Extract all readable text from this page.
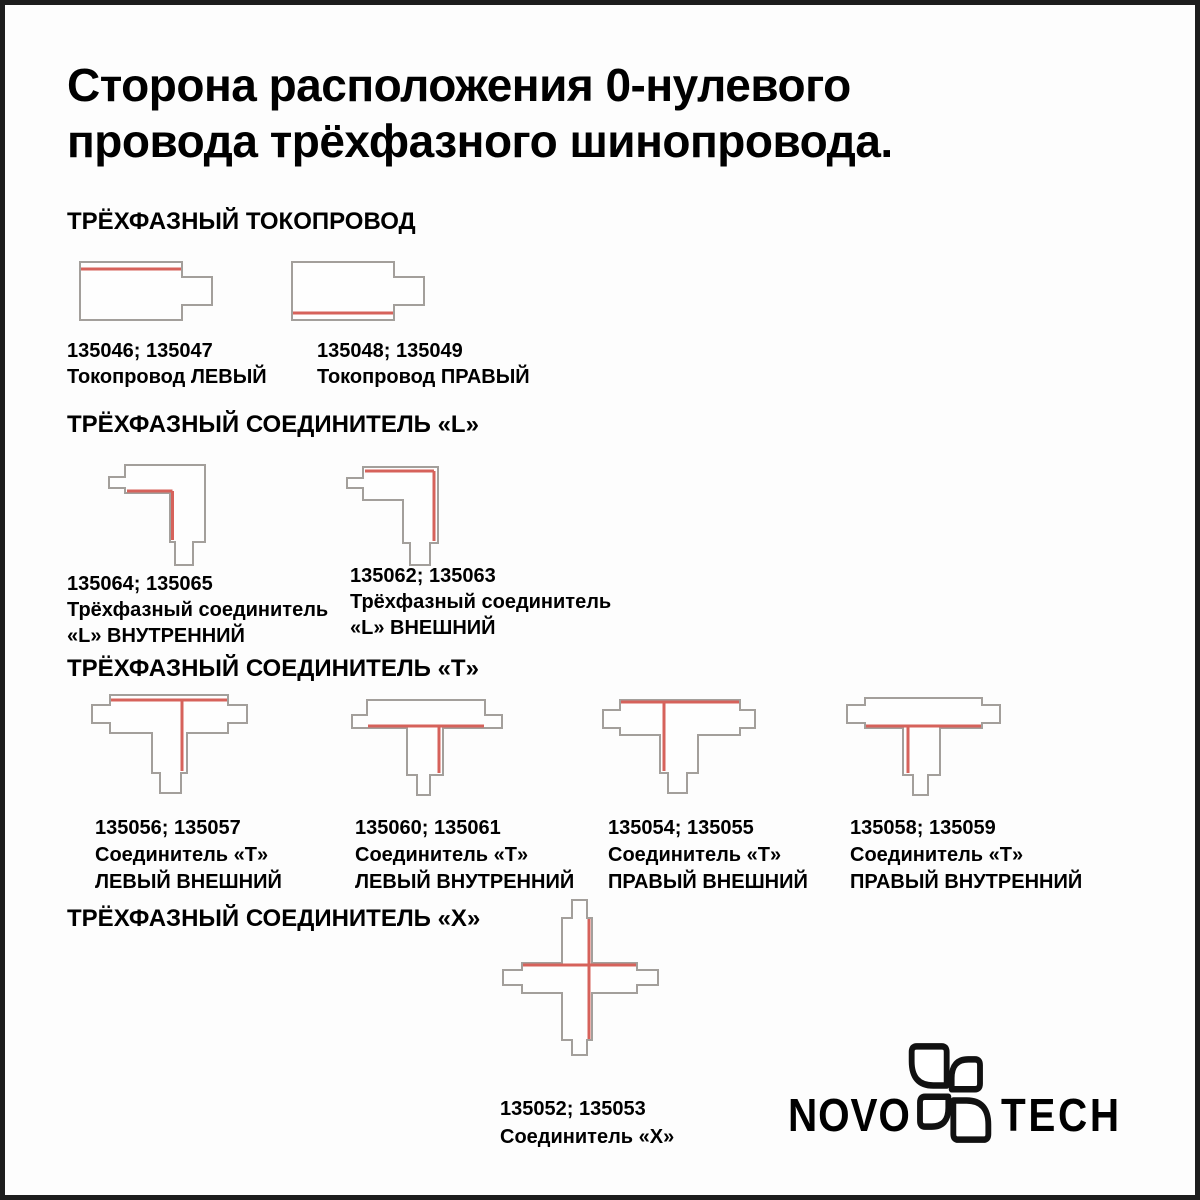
Сторона расположения 0-нулевого
провода трёхфазного шинопровода.
ТРЁХФАЗНЫЙ ТОКОПРОВОД
135046; 135047
Токопровод ЛЕВЫЙ
135048; 135049
Токопровод ПРАВЫЙ
ТРЁХФАЗНЫЙ СОЕДИНИТЕЛЬ «L»
135064; 135065
Трёхфазный соединитель
«L» ВНУТРЕННИЙ
135062; 135063
Трёхфазный соединитель
«L» ВНЕШНИЙ
ТРЁХФАЗНЫЙ СОЕДИНИТЕЛЬ «Т»
135056; 135057
Соединитель «Т»
ЛЕВЫЙ ВНЕШНИЙ
135060; 135061
Соединитель «Т»
ЛЕВЫЙ ВНУТРЕННИЙ
135054; 135055
Соединитель «Т»
ПРАВЫЙ ВНЕШНИЙ
135058; 135059
Соединитель «Т»
ПРАВЫЙ ВНУТРЕННИЙ
ТРЁХФАЗНЫЙ СОЕДИНИТЕЛЬ «Х»
135052; 135053
Соединитель «Х» NOVO TECH
